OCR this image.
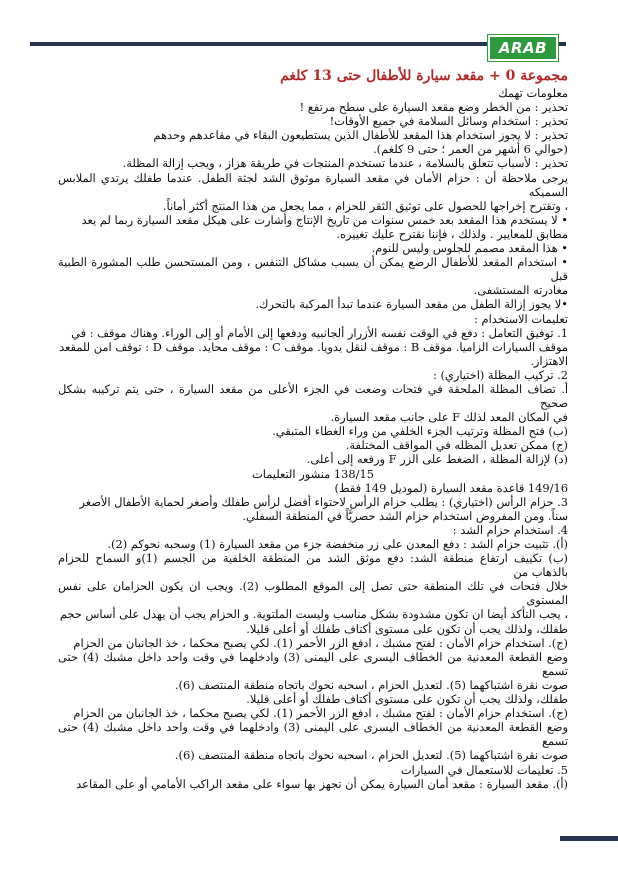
ARAB
مجموعة 0 + مقعد سيارة للأطفال حتى 13 كلغم

معلومات تهمك

تحذير : من الخطر وضع مقعد السيارة على سطح مرتفع !

تحذير : استخدام وسائل السلامة في جميع الأوقات!

تحذير : لا يجوز استخدام هذا المقعد للأطفال الذين يستطيعون البقاء في مقاعدهم وحدهم

(حوالي 6 أشهر من العمر ؛ حتى 9 كلغم).

تحذير : لأسباب تتعلق بالسلامة ، عندما تستخدم المنتجات في طريقة هزاز ، ويجب إزالة المظلة.

يرجى ملاحظة أن : حزام الأمان في مقعد السيارة موثوق الشد لجثة الطفل. عندما طفلك يرتدي الملابس السميكه

، وتقترح إخراجها للحصول على توثيق الثقر للحزام ، مما يجعل من هذا المنتج أكثر أماناً.

• لا يستخدم هذا المقعد بعد خمس سنوات من تاريخ الإنتاج وأشارت على هيكل مقعد السيارة ربما لم يعد

مطابق للمعايير . ولذلك ، فإننا نقترح عليك تغييره.

• هذا المقعد مصمم للجلوس وليس للنوم.

• استخدام المقعد للأطفال الرضع يمكن أن يسبب مشاكل التنفس ، ومن المستحسن طلب المشورة الطبية قبل

مغادرته المستشفى.

•لا يجوز إزالة الطفل من مقعد السيارة عندما تبدأ المركبة بالتحرك.

تعليمات الاستخدام :

1. توفيق التعامل : دفع في الوقت نفسه الأزرار ألجانبيه ودفعها إلى الأمام أو إلى الوراء. وهناك موقف : في

موقف السيارات الزاميا. موقف B : موقف لنقل يدويا. موقف C : موقف محايد. موقف D : توقف امن للمقعد

الاهتزاز.

2. تركيب المظلة (اختياري) :

أ. تضاف المظلة الملحقة في فتحات وضعت في الجزء الأعلى من مقعد السيارة ، حتى يتم تركيبه بشكل صحيح

في المكان المعد لذلك F على جانب مقعد السيارة.

(ب) فتح المظلة وترتيب الجزء الخلفي من وراء الغطاء المتبقي.

(ج) ممكن تعديل المظله في المواقف المختلفة.

(د) لإزالة المظلة ، الضغط على الزر F ورفعه إلى أعلى.

138/15 منشور التعليمات

149/16 قاعدة مقعد السيارة (لموديل 149 فقط)

3. حزام الرأس (اختياري) : يطلب حزام الرأس لاحتواء أفضل لرأس طفلك وأصغر لحماية الأطفال الأصغر

سناً. ومن المفروض استخدام حزام الشد حصريَّاً في المنطقة السفلي.

4. استخدام حزام الشد :

(أ). تثبيت حزام الشد : دفع المعدن على زر منخفضة جزء من مقعد السيارة (1) وسحبه نحوكم (2).

(ب) تكييف ارتفاع منطقة الشد: دفع موثق الشد من المنطقة الخلفية من الجسم (1)و السماح للحزام بالذهاب من

خلال فتحات في تلك المنطقة حتى تصل إلى الموقع المطلوب (2). ويجب ان يكون الحزامان على نفس المستوى

، يجب التأكد أيضا ان تكون مشدودة بشكل مناسب وليست الملتوية. و الحزام يجب أن يهدل على أساس حجم

طفلك، ولذلك يجب أن تكون على مستوى أكتاف طفلك أو أعلى قليلا.

(ج). استخدام حزام الأمان : لفتح مشبك ، ادفع الزر الأحمر (1). لكي يصبح محكما ، خذ الجانبان من الحزام

وضع القطعة المعدنية من الخطاف اليسرى على اليمنى (3) وادخلهما في وقت واحد داخل مشبك (4) حتى تسمع

صوت نقرة اشتباكهما (5). لتعديل الحزام ، اسحبه نحوك باتجاه منطقة المنتصف (6).

طفلك، ولذلك يجب أن تكون على مستوى أكتاف طفلك أو أعلى قليلا.

(ج). استخدام حزام الأمان : لفتح مشبك ، ادفع الزر الأحمر (1). لكي يصبح محكما ، خذ الجانبان من الحزام

وضع القطعة المعدنية من الخطاف اليسرى على اليمنى (3) وادخلهما في وقت واحد داخل مشبك (4) حتى تسمع

صوت نقرة اشتباكهما (5). لتعديل الحزام ، اسحبه نحوك باتجاه منطقة المنتصف (6).

5. تعليمات للاستعمال في السيارات

(أ). مقعد السيارة : مقعد أمان السيارة يمكن أن تجهز بها سواء على مقعد الراكب الأمامي أو على المقاعد
